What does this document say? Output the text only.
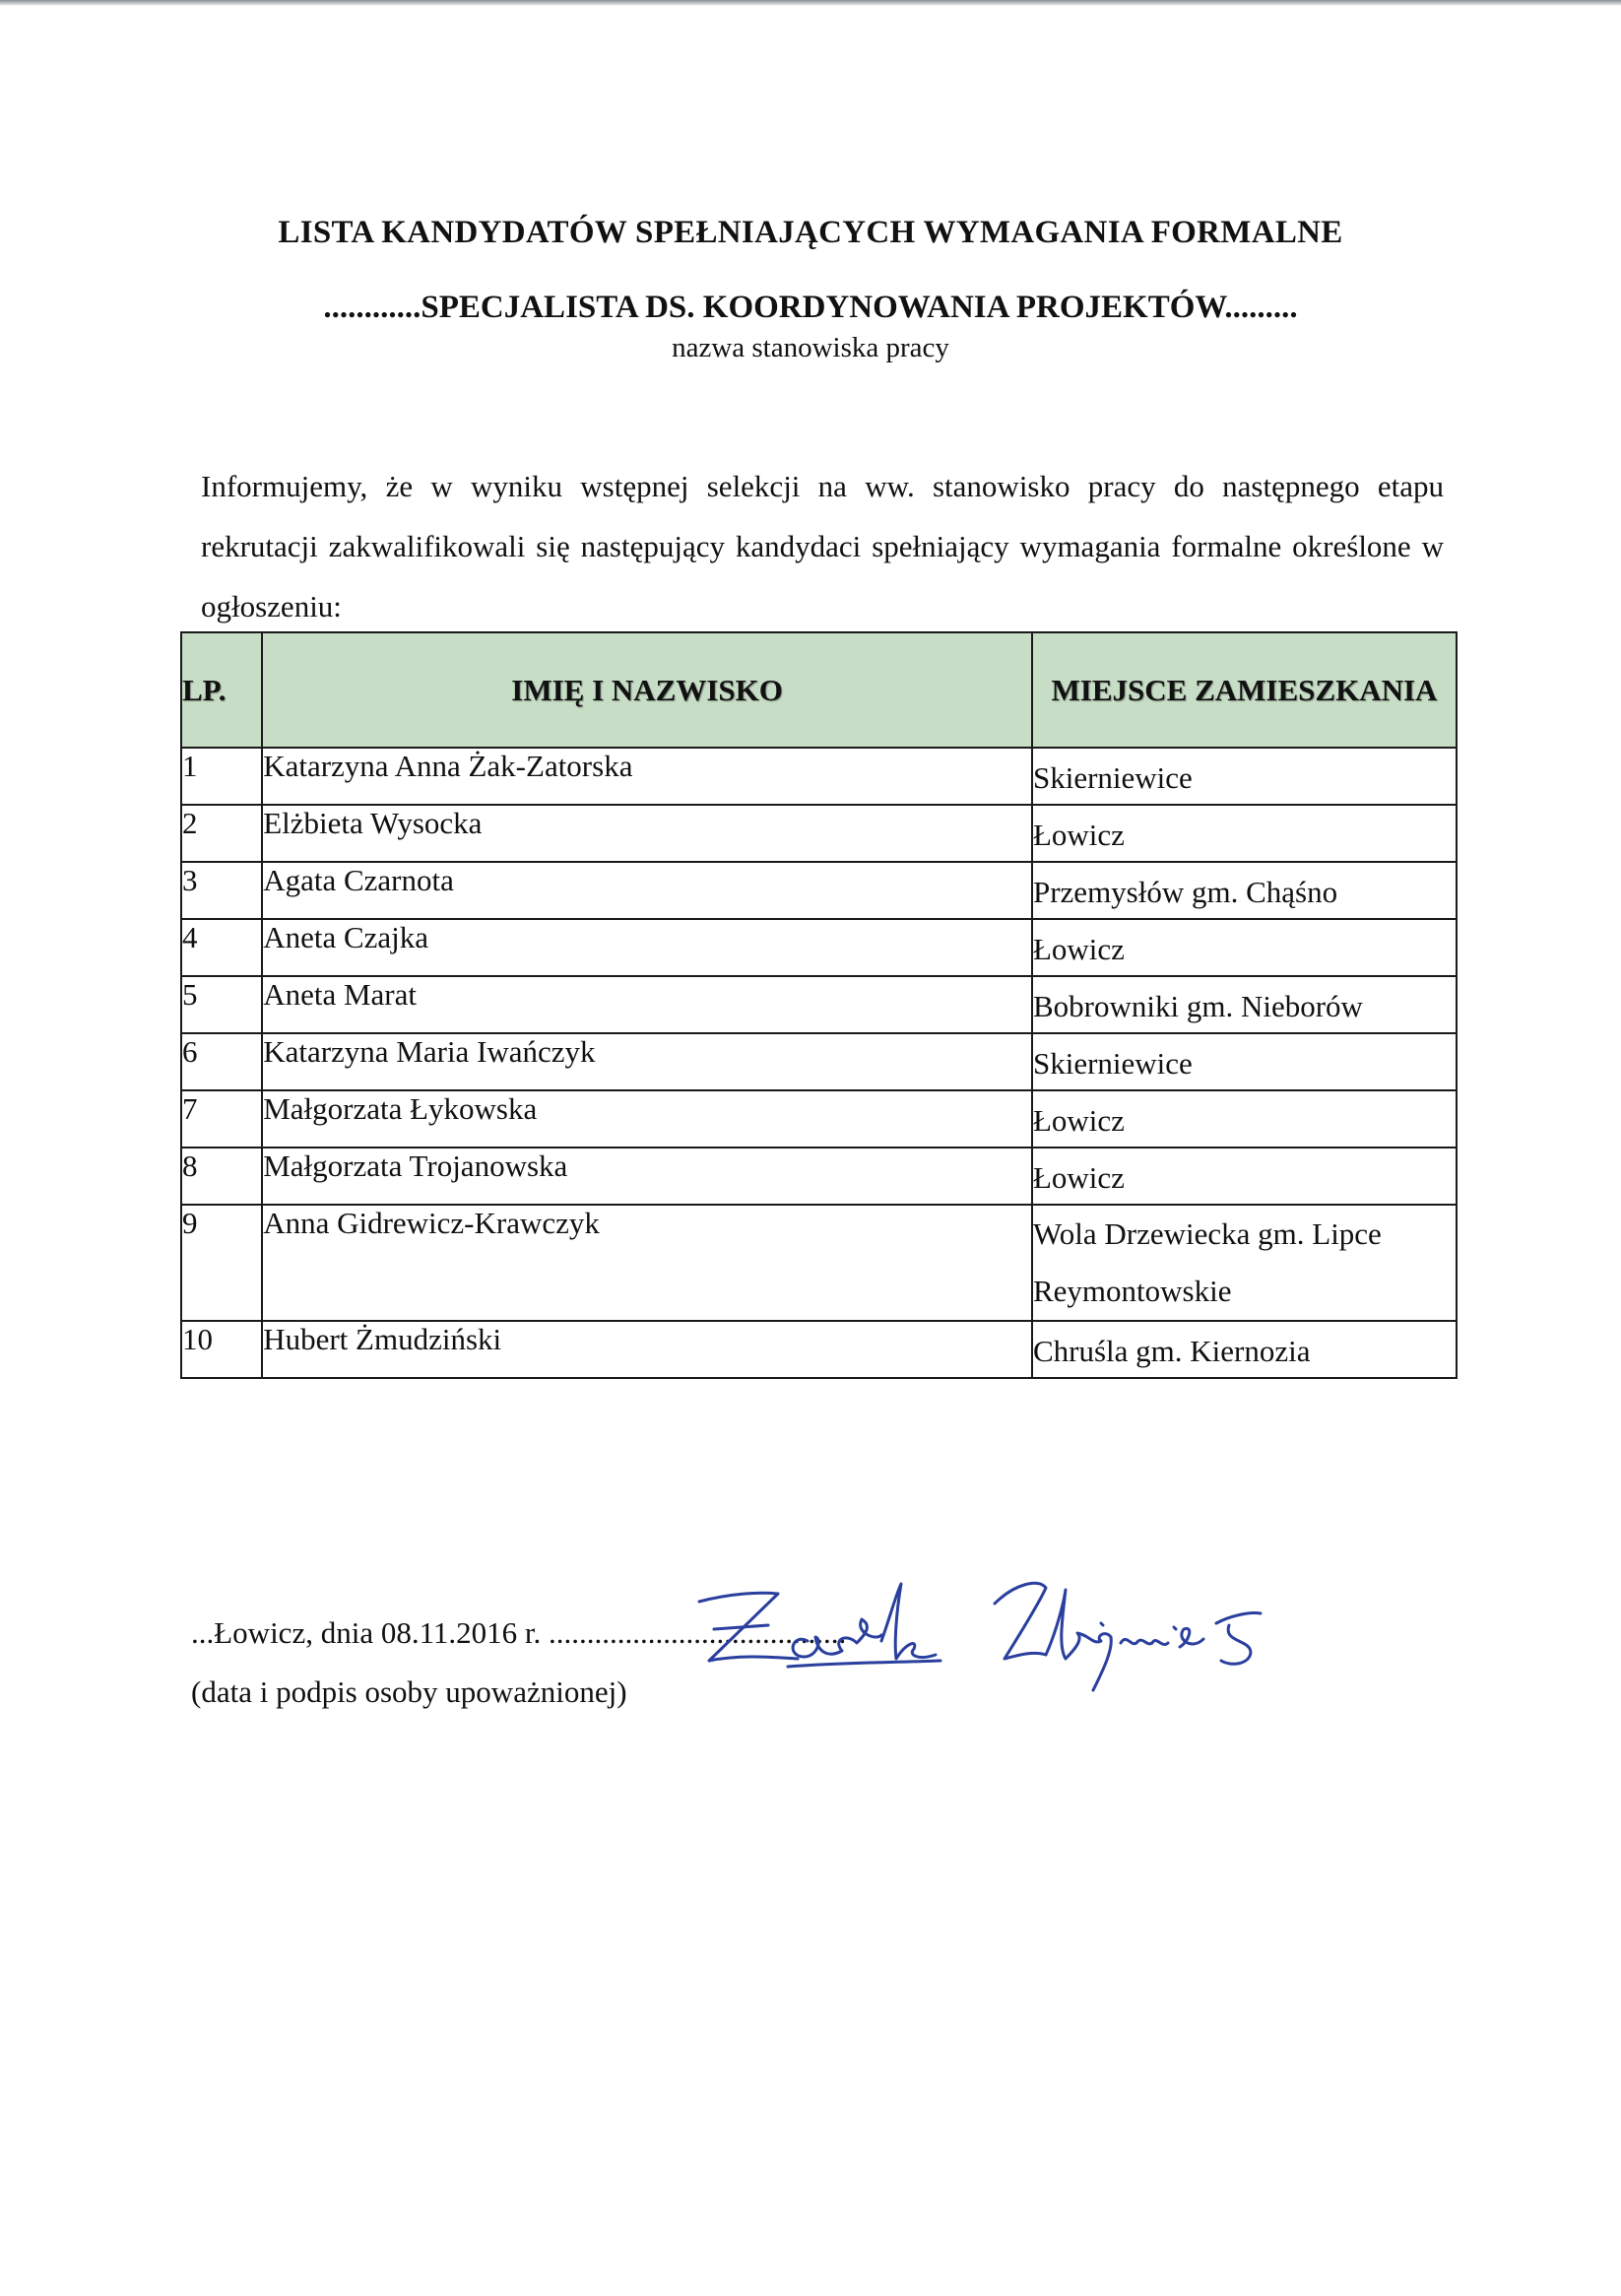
LISTA KANDYDATÓW SPEŁNIAJĄCYCH WYMAGANIA FORMALNE
............SPECJALISTA DS. KOORDYNOWANIA PROJEKTÓW.........
nazwa stanowiska pracy
Informujemy, że w wyniku wstępnej selekcji na ww. stanowisko pracy do następnego etapu rekrutacji zakwalifikowali się następujący kandydaci spełniający wymagania formalne określone w ogłoszeniu:
LP.	IMIĘ I NAZWISKO	MIEJSCE ZAMIESZKANIA
1	Katarzyna Anna Żak-Zatorska	Skierniewice
2	Elżbieta Wysocka	Łowicz
3	Agata Czarnota	Przemysłów gm. Chąśno
4	Aneta Czajka	Łowicz
5	Aneta Marat	Bobrowniki gm. Nieborów
6	Katarzyna Maria Iwańczyk	Skierniewice
7	Małgorzata Łykowska	Łowicz
8	Małgorzata Trojanowska	Łowicz
9	Anna Gidrewicz-Krawczyk	Wola Drzewiecka gm. Lipce Reymontowskie
10	Hubert Żmudziński	Chruśla gm. Kiernozia
...Łowicz, dnia 08.11.2016 r. .......................................
(data i podpis osoby upoważnionej)
